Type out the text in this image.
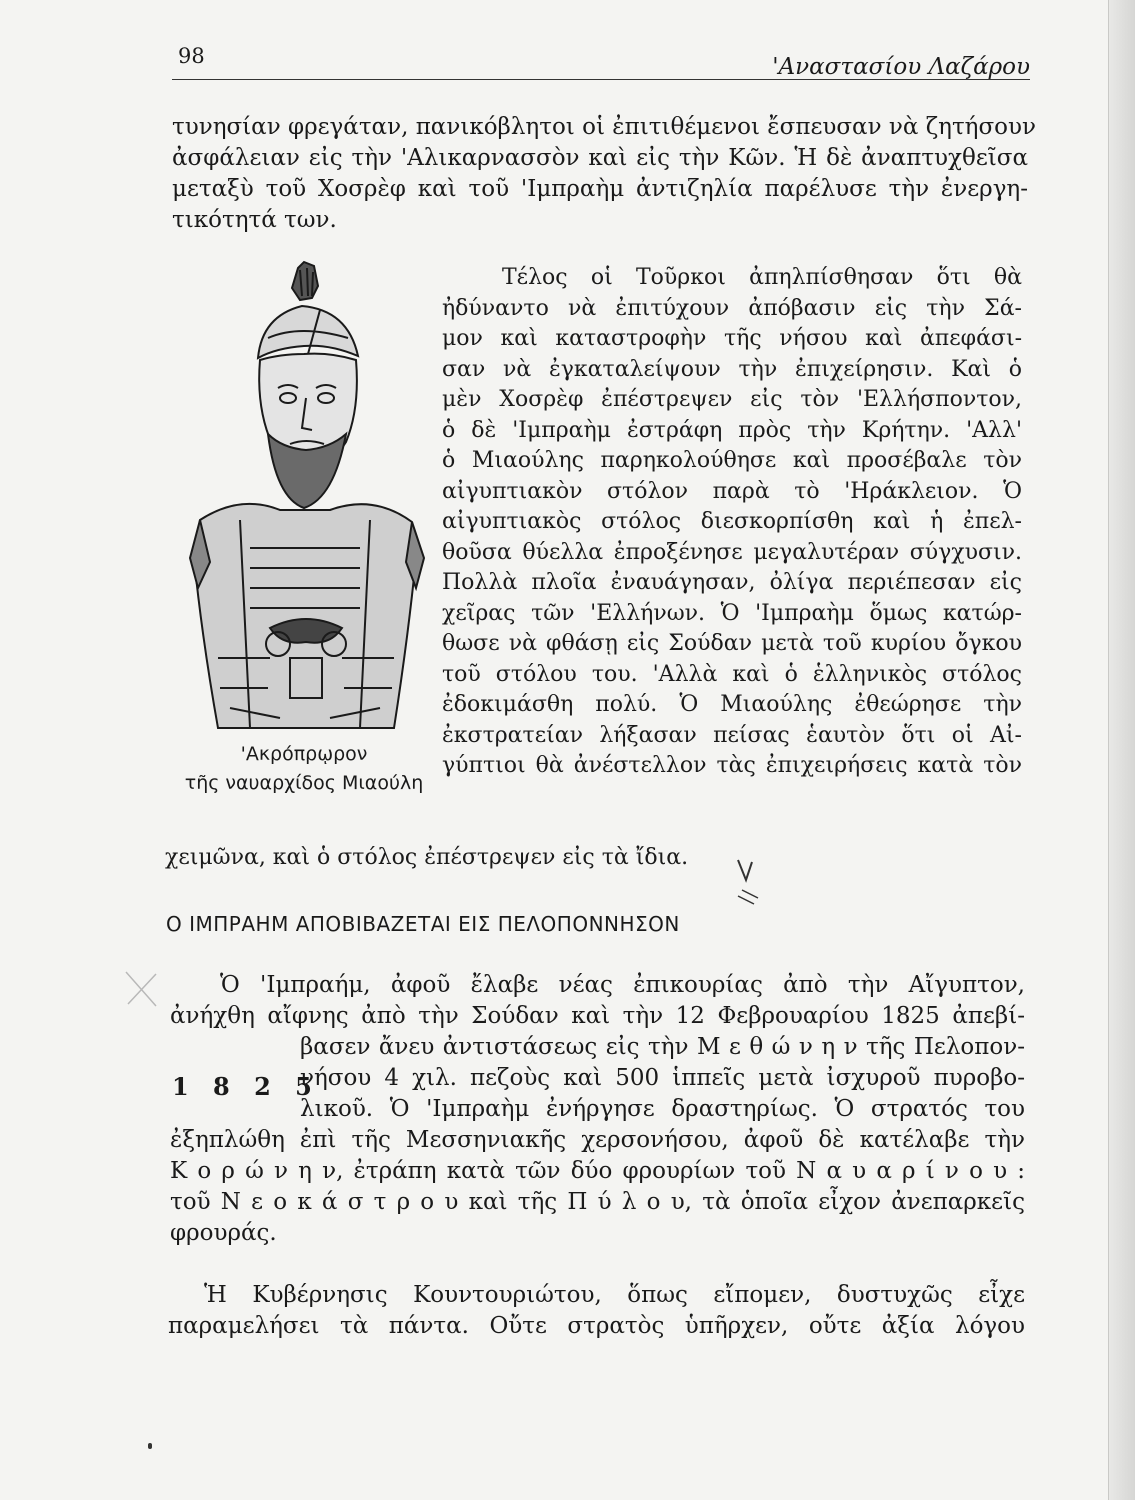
98	'Αναστασίου Λαζάρου
τυνησίαν φρεγάταν, πανικόβλητοι οἱ ἐπιτιθέμενοι ἔσπευσαν νὰ ζητήσουν
ἀσφάλειαν εἰς τὴν 'Αλικαρνασσὸν καὶ εἰς τὴν Κῶν. Ἡ δὲ ἀναπτυχθεῖσα
μεταξὺ τοῦ Χοσρὲφ καὶ τοῦ 'Ιμπραὴμ ἀντιζηλία παρέλυσε τὴν ἐνεργη-
τικότητά των.
'Ακρόπρῳρον
τῆς ναυαρχίδος Μιαούλη
Τέλος οἱ Τοῦρκοι ἀπηλπίσθησαν ὅτι θὰ
ἠδύναντο νὰ ἐπιτύχουν ἀπόβασιν εἰς τὴν Σά-
μον καὶ καταστροφὴν τῆς νήσου καὶ ἀπεφάσι-
σαν νὰ ἐγκαταλείψουν τὴν ἐπιχείρησιν. Καὶ ὁ
μὲν Χοσρὲφ ἐπέστρεψεν εἰς τὸν 'Ελλήσποντον,
ὁ δὲ 'Ιμπραὴμ ἐστράφη πρὸς τὴν Κρήτην. 'Αλλ'
ὁ Μιαούλης παρηκολούθησε καὶ προσέβαλε τὸν
αἰγυπτιακὸν στόλον παρὰ τὸ 'Ηράκλειον. Ὁ
αἰγυπτιακὸς στόλος διεσκορπίσθη καὶ ἡ ἐπελ-
θοῦσα θύελλα ἐπροξένησε μεγαλυτέραν σύγχυσιν.
Πολλὰ πλοῖα ἐναυάγησαν, ὀλίγα περιέπεσαν εἰς
χεῖρας τῶν 'Ελλήνων. Ὁ 'Ιμπραὴμ ὅμως κατώρ-
θωσε νὰ φθάσῃ εἰς Σούδαν μετὰ τοῦ κυρίου ὄγκου
τοῦ στόλου του. 'Αλλὰ καὶ ὁ ἑλληνικὸς στόλος
ἐδοκιμάσθη πολύ. Ὁ Μιαούλης ἐθεώρησε τὴν
ἐκστρατείαν λήξασαν πείσας ἑαυτὸν ὅτι οἱ Αἰ-
γύπτιοι θὰ ἀνέστελλον τὰς ἐπιχειρήσεις κατὰ τὸν
χειμῶνα, καὶ ὁ στόλος ἐπέστρεψεν εἰς τὰ ἴδια.
Ο ΙΜΠΡΑΗΜ ΑΠΟΒΙΒΑΖΕΤΑΙ ΕΙΣ ΠΕΛΟΠΟΝΝΗΣΟΝ
Ὁ 'Ιμπραήμ, ἀφοῦ ἔλαβε νέας ἐπικουρίας ἀπὸ τὴν Αἴγυπτον,
ἀνήχθη αἴφνης ἀπὸ τὴν Σούδαν καὶ τὴν 12 Φεβρουαρίου 1825 ἀπεβί-
βασεν ἄνευ ἀντιστάσεως εἰς τὴν Μ ε θ ώ ν η ν τῆς Πελοπον-
νήσου 4 χιλ. πεζοὺς καὶ 500 ἱππεῖς μετὰ ἰσχυροῦ πυροβο-
λικοῦ. Ὁ 'Ιμπραὴμ ἐνήργησε δραστηρίως. Ὁ στρατός του
ἐξηπλώθη ἐπὶ τῆς Μεσσηνιακῆς χερσονήσου, ἀφοῦ δὲ κατέλαβε τὴν
Κ ο ρ ώ ν η ν, ἐτράπη κατὰ τῶν δύο φρουρίων τοῦ Ν α υ α ρ ί ν ο υ :
τοῦ Ν ε ο κ ά σ τ ρ ο υ καὶ τῆς Π ύ λ ο υ, τὰ ὁποῖα εἶχον ἀνεπαρκεῖς
φρουράς.
1 8 2 5
Ἡ Κυβέρνησις Κουντουριώτου, ὅπως εἴπομεν, δυστυχῶς εἶχε
παραμελήσει τὰ πάντα. Οὔτε στρατὸς ὑπῆρχεν, οὔτε ἀξία λόγου
